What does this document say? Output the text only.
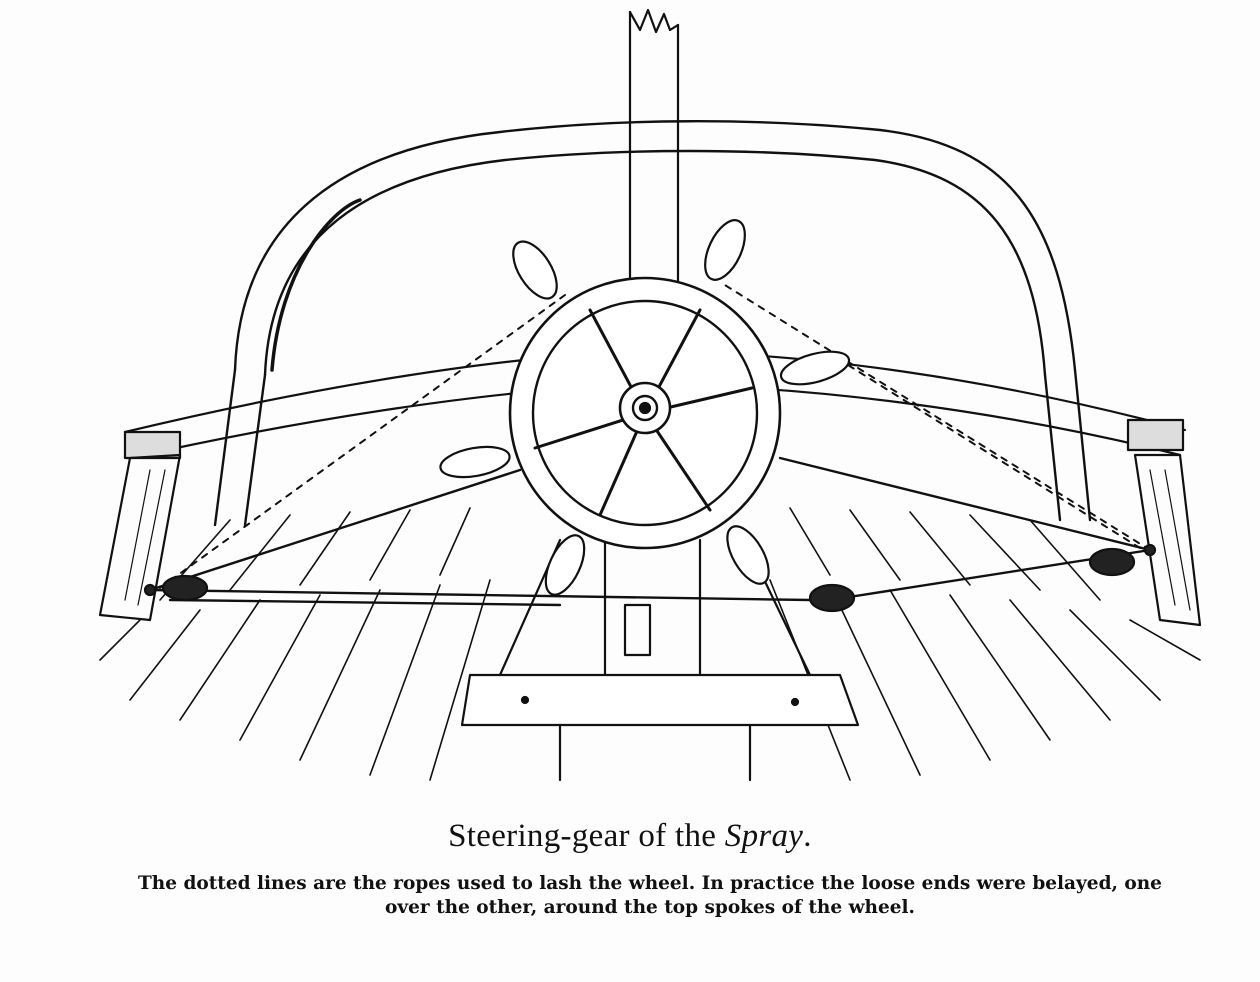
Steering-gear of the Spray.
The dotted lines are the ropes used to lash the wheel. In practice the loose ends were belayed, one
over the other, around the top spokes of the wheel.
